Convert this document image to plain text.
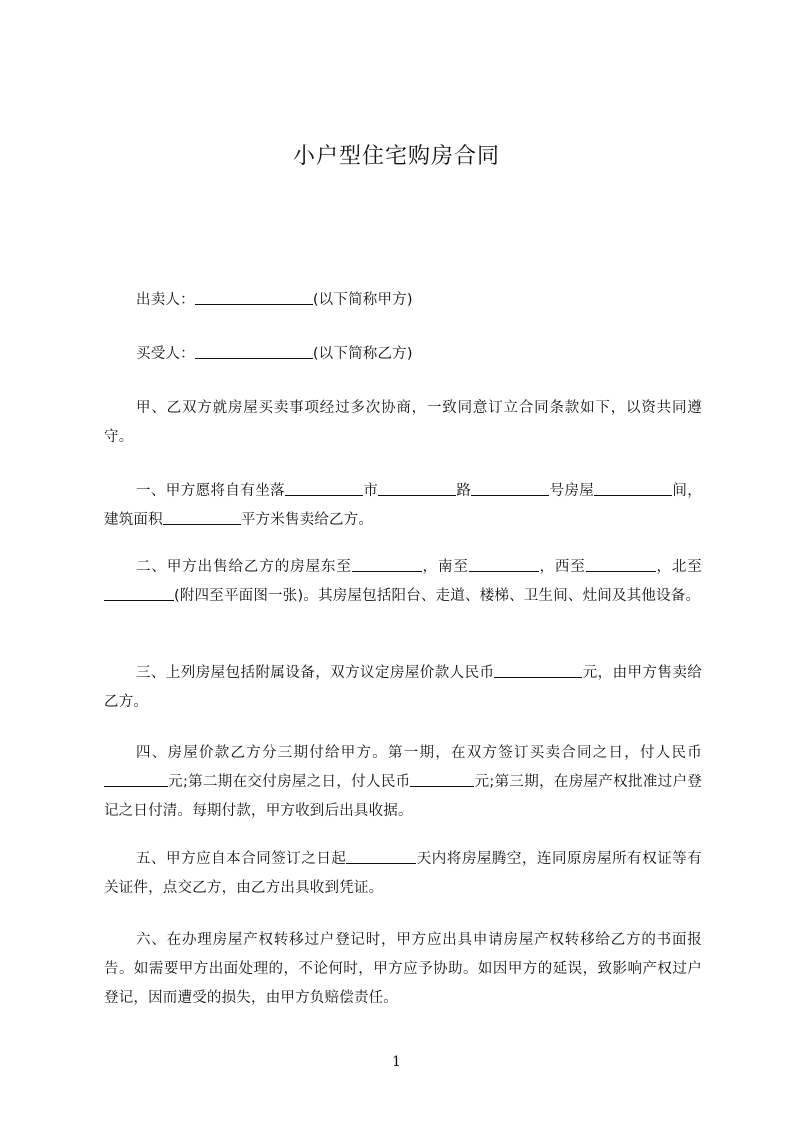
小户型住宅购房合同

出卖人：	(以下简称甲方)

买受人：	(以下简称乙方)

甲、乙双方就房屋买卖事项经过多次协商，一致同意订立合同条款如下，以资共同遵守。

一、甲方愿将自有坐落	市	路	号房屋	间，建筑面积	平方米售卖给乙方。

二、甲方出售给乙方的房屋东至	，南至	，西至	，北至(附四至平面图一张)。其房屋包括阳台、走道、楼梯、卫生间、灶间及其他设备。

三、上列房屋包括附属设备，双方议定房屋价款人民币	元，由甲方售卖给乙方。

四、房屋价款乙方分三期付给甲方。第一期，在双方签订买卖合同之日，付人民币元;第二期在交付房屋之日，付人民币	元;第三期，在房屋产权批准过户登记之日付清。每期付款，甲方收到后出具收据。

五、甲方应自本合同签订之日起	天内将房屋腾空，连同原房屋所有权证等有关证件，点交乙方，由乙方出具收到凭证。

六、在办理房屋产权转移过户登记时，甲方应出具申请房屋产权转移给乙方的书面报告。如需要甲方出面处理的，不论何时，甲方应予协助。如因甲方的延误，致影响产权过户登记，因而遭受的损失，由甲方负赔偿责任。

1
